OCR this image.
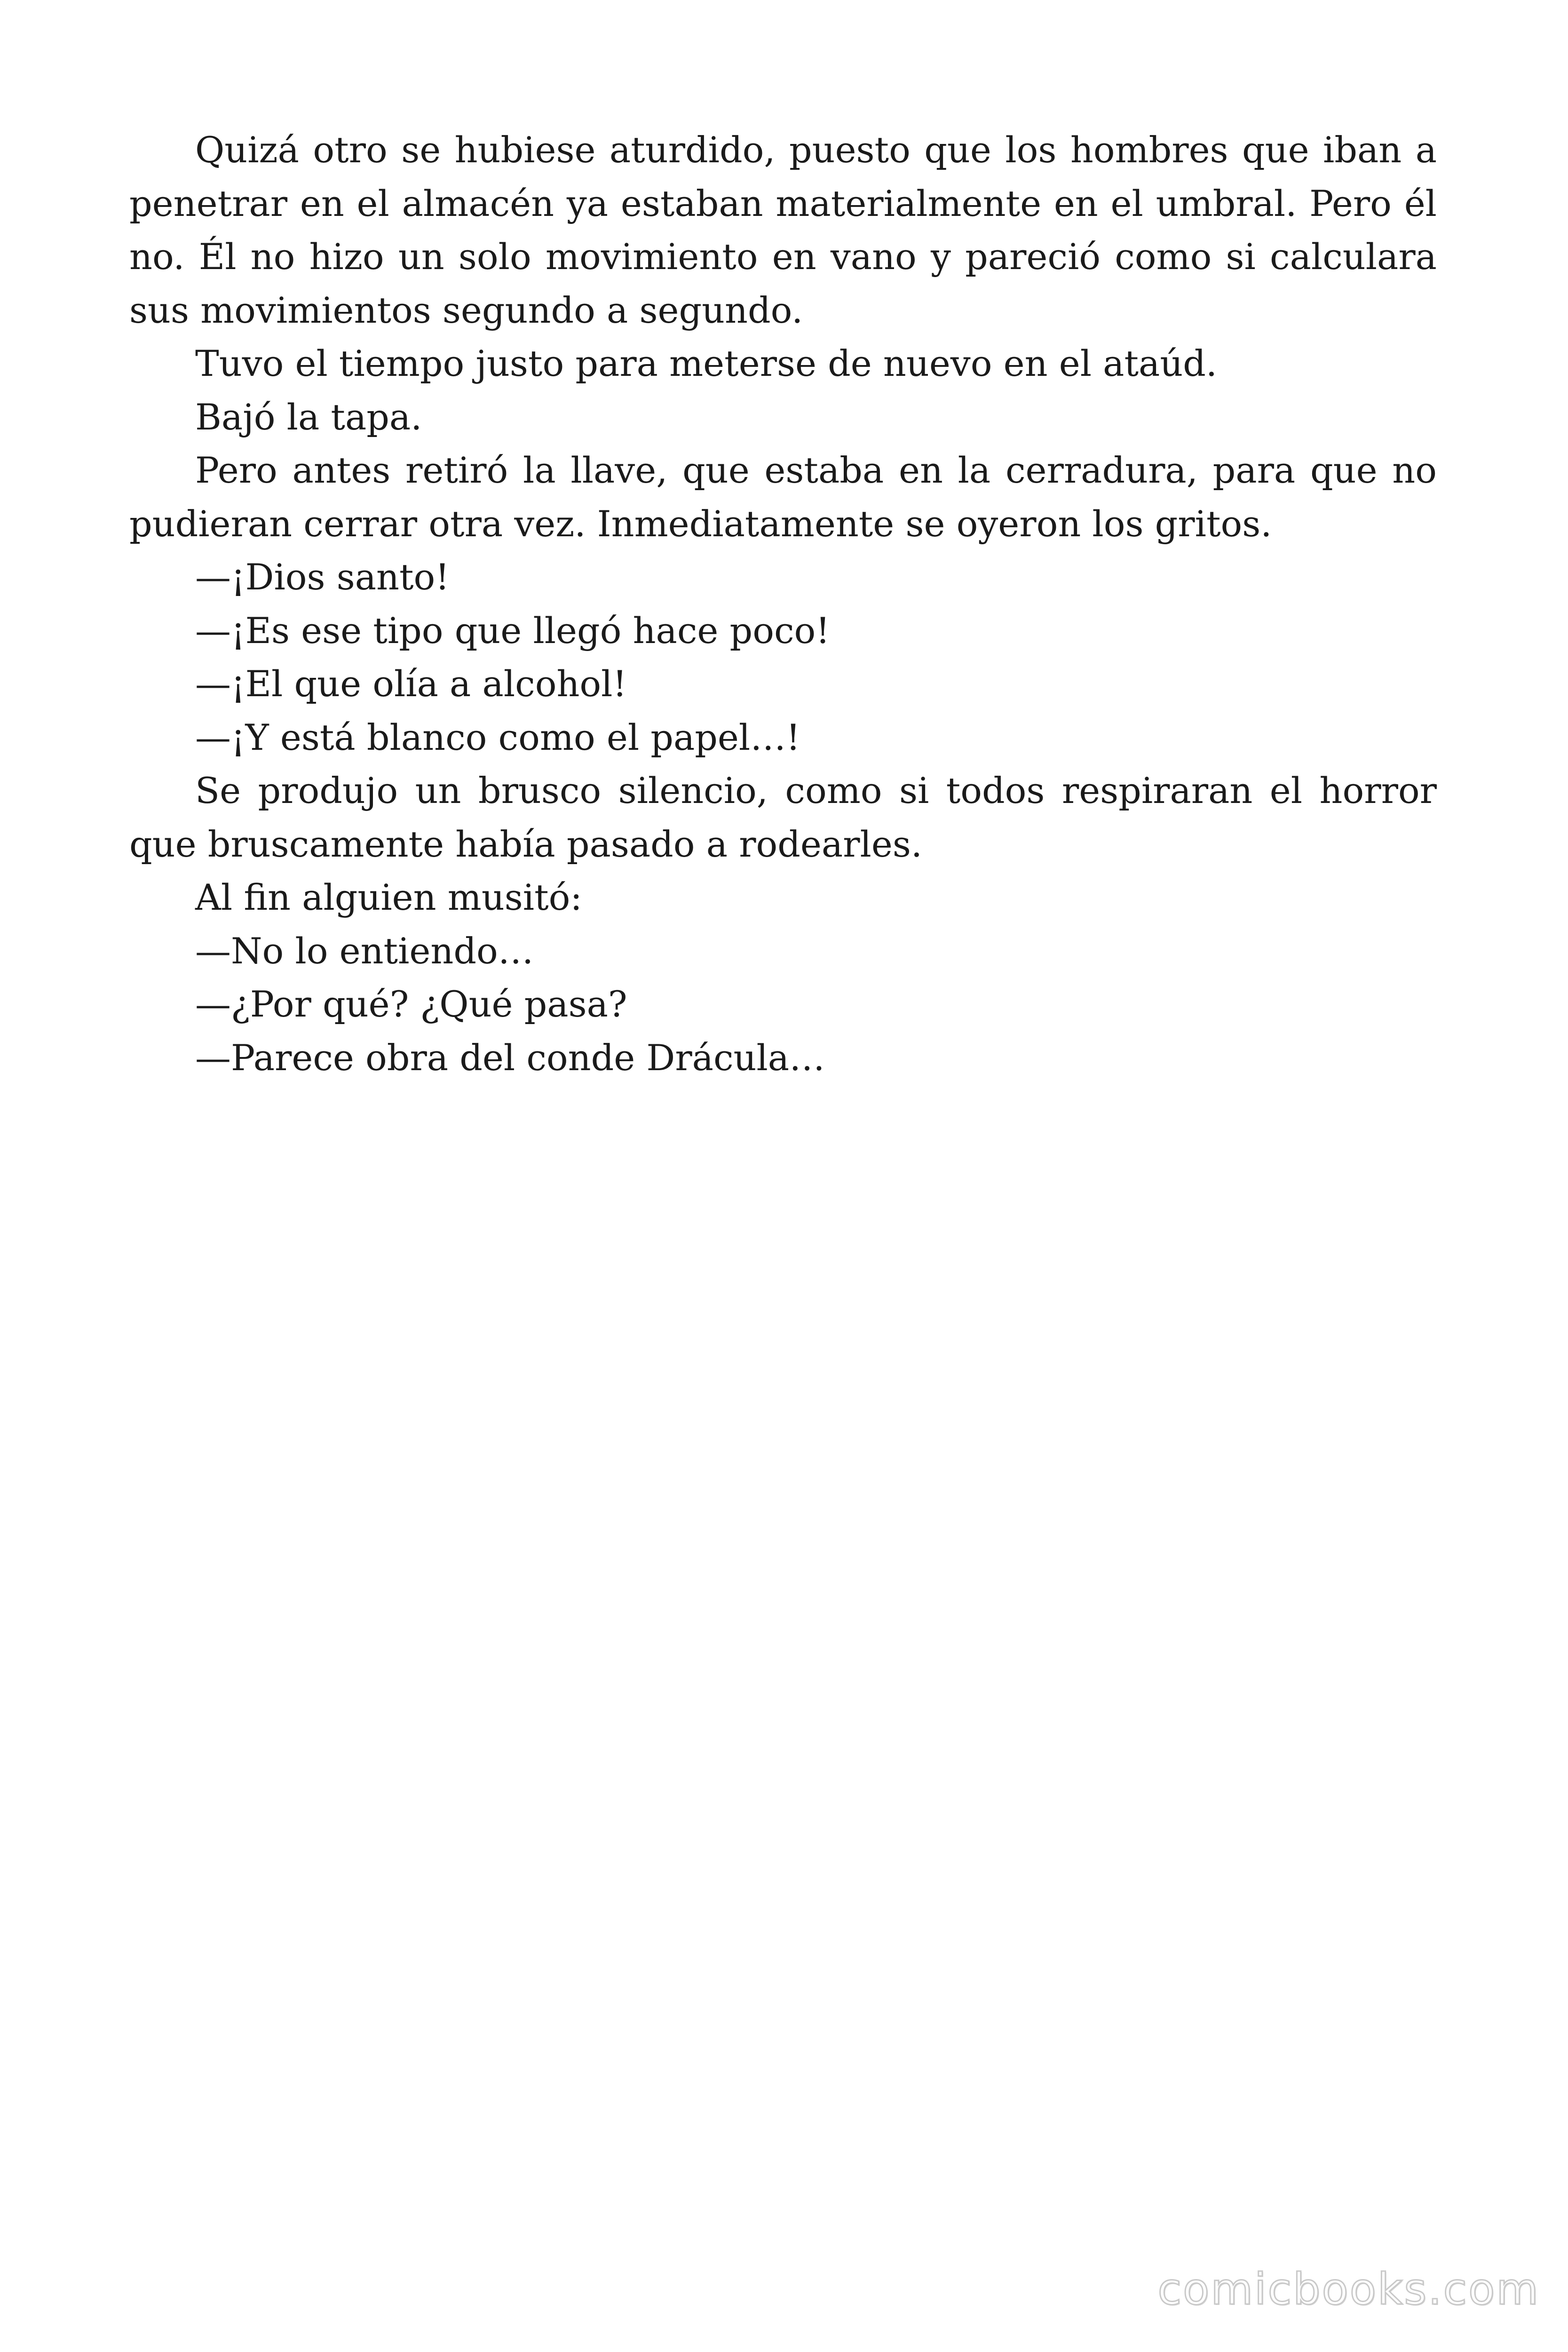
Quizá otro se hubiese aturdido, puesto que los hombres que iban a penetrar en el almacén ya estaban materialmente en el umbral. Pero él no. Él no hizo un solo movimiento en vano y pareció como si calculara sus movimientos segundo a segundo.

Tuvo el tiempo justo para meterse de nuevo en el ataúd.

Bajó la tapa.

Pero antes retiró la llave, que estaba en la cerradura, para que no pudieran cerrar otra vez. Inmediatamente se oyeron los gritos.

—¡Dios santo!

—¡Es ese tipo que llegó hace poco!

—¡El que olía a alcohol!

—¡Y está blanco como el papel…!

Se produjo un brusco silencio, como si todos respiraran el horror que bruscamente había pasado a rodearles.

Al fin alguien musitó:

—No lo entiendo…

—¿Por qué? ¿Qué pasa?

—Parece obra del conde Drácula…

comicbooks.com
